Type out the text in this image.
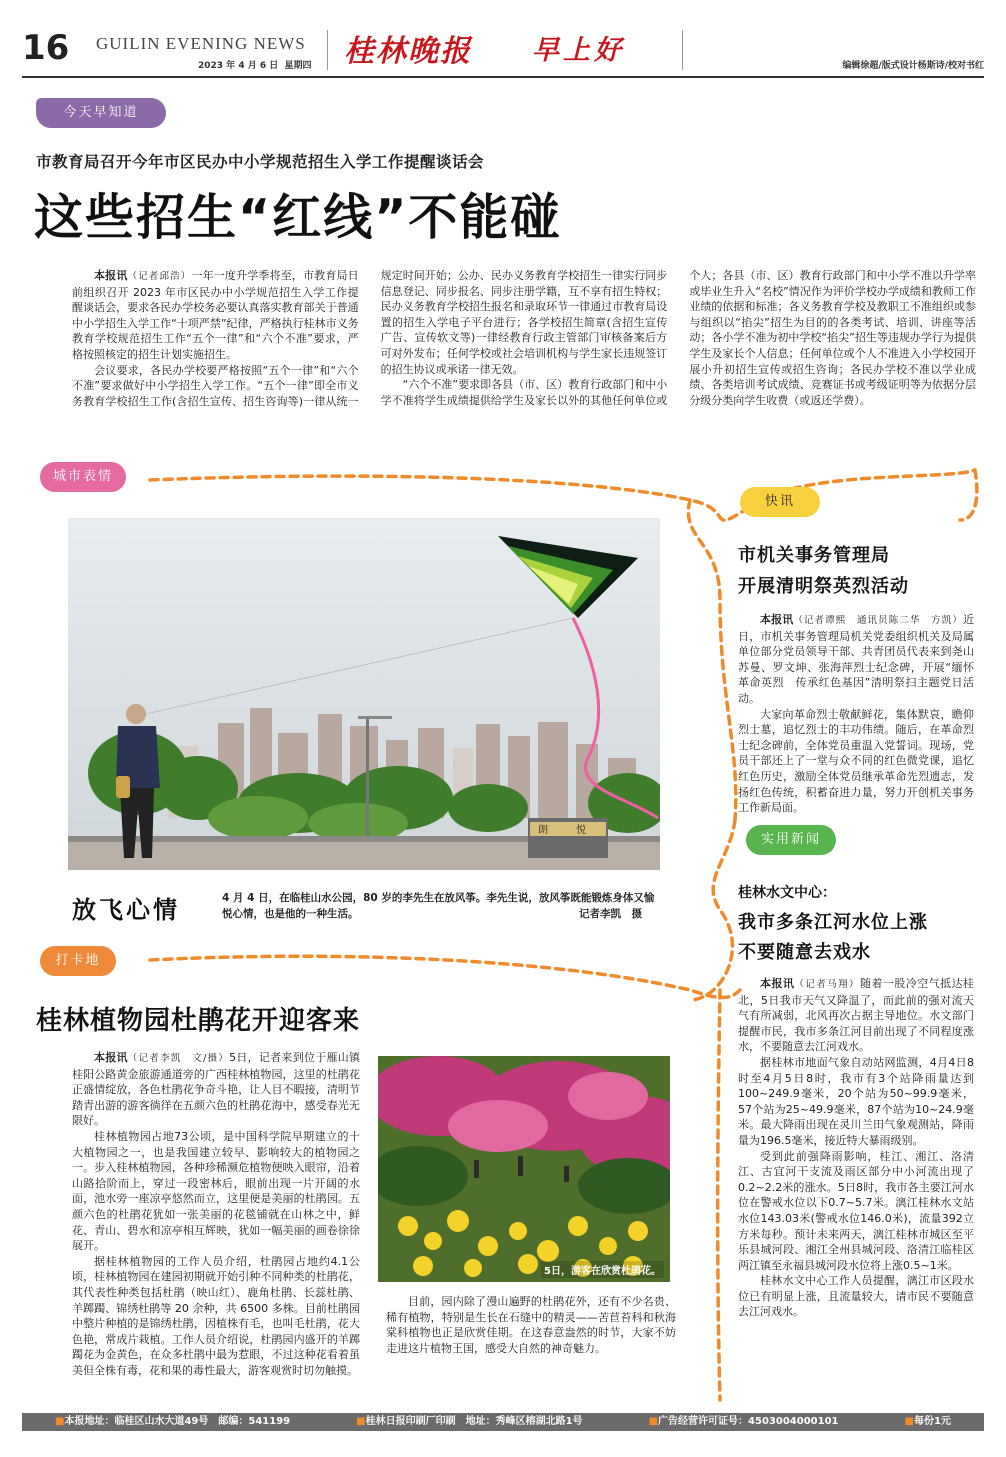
16 GUILIN EVENING NEWS
2023 年 4 月 6 日 星期四 桂林晚报 早上好	编辑徐超/版式设计杨斯诗/校对书红
今天早知道
市教育局召开今年市区民办中小学规范招生入学工作提醒谈话会
这些招生“红线”不能碰

本报讯（记者邱浩）一年一度升学季将至，市教育局日前组织召开 2023 年市区民办中小学规范招生入学工作提醒谈话会，要求各民办学校务必要认真落实教育部关于普通中小学招生入学工作“十项严禁”纪律，严格执行桂林市义务教育学校规范招生工作“五个一律”和“六个不准”要求，严格按照核定的招生计划实施招生。

会议要求，各民办学校要严格按照“五个一律”和“六个不准”要求做好中小学招生入学工作。“五个一律”即全市义务教育学校招生工作(含招生宣传、招生咨询等)一律从统一规定时间开始；公办、民办义务教育学校招生一律实行同步信息登记、同步报名、同步注册学籍，互不享有招生特权；民办义务教育学校招生报名和录取环节一律通过市教育局设置的招生入学电子平台进行；各学校招生简章(含招生宣传广告、宣传软文等)一律经教育行政主管部门审核备案后方可对外发布；任何学校或社会培训机构与学生家长违规签订的招生协议或承诺一律无效。

“六个不准”要求即各县（市、区）教育行政部门和中小学不准将学生成绩提供给学生及家长以外的其他任何单位或个人；各县（市、区）教育行政部门和中小学不准以升学率或毕业生升入“名校”情况作为评价学校办学成绩和教师工作业绩的依据和标准；各义务教育学校及教职工不准组织或参与组织以“掐尖”招生为目的的各类考试、培训、讲座等活动；各小学不准为初中学校“掐尖”招生等违规办学行为提供学生及家长个人信息；任何单位或个人不准进入小学校园开展小升初招生宣传或招生咨询；各民办学校不准以学业成绩、各类培训考试成绩、竞赛证书或考级证明等为依据分层分级分类向学生收费（或返还学费）。

城市表情
朗	悦
放飞心情	4 月 4 日，在临桂山水公园，80 岁的李先生在放风筝。李先生说，放风筝既能锻炼身体又愉悦心情，也是他的一种生活。	记者李凯　摄
快讯
市机关事务管理局
开展清明祭英烈活动

本报讯（记者谭熙　通讯员陈二华　方凯）近日，市机关事务管理局机关党委组织机关及局属单位部分党员领导干部、共青团员代表来到尧山苏曼、罗文坤、张海萍烈士纪念碑，开展“缅怀革命英烈　传承红色基因”清明祭扫主题党日活动。

大家向革命烈士敬献鲜花，集体默哀，瞻仰烈士墓，追忆烈士的丰功伟绩。随后，在革命烈士纪念碑前，全体党员重温入党誓词。现场，党员干部还上了一堂与众不同的红色微党课，追忆红色历史，激励全体党员继承革命先烈遗志，发扬红色传统，积蓄奋进力量，努力开创机关事务工作新局面。

实用新闻
桂林水文中心：
我市多条江河水位上涨
不要随意去戏水

本报讯（记者马翔）随着一股冷空气抵达桂北，5日我市天气又降温了，而此前的强对流天气有所减弱，北风再次占据主导地位。水文部门提醒市民，我市多条江河目前出现了不同程度涨水，不要随意去江河戏水。

据桂林市地面气象自动站网监测，4月4日8时至4月5日8时，我市有3个站降雨量达到100~249.9毫米，20个站为50~99.9毫米，57个站为25~49.9毫米，87个站为10~24.9毫米。最大降雨出现在灵川兰田气象观测站，降雨量为196.5毫米，接近特大暴雨级别。

受到此前强降雨影响，桂江、湘江、洛清江、古宜河干支流及雨区部分中小河流出现了0.2~2.2米的涨水。5日8时，我市各主要江河水位在警戒水位以下0.7~5.7米。漓江桂林水文站水位143.03米(警戒水位146.0米)，流量392立方米每秒。预计未来两天，漓江桂林市城区至平乐县城河段、湘江全州县城河段、洛清江临桂区两江镇至永福县城河段水位将上涨0.5~1米。

桂林水文中心工作人员提醒，漓江市区段水位已有明显上涨，且流量较大，请市民不要随意去江河戏水。

打卡地
桂林植物园杜鹃花开迎客来

本报讯（记者李凯　文/摄）5日，记者来到位于雁山镇桂阳公路黄金旅游通道旁的广西桂林植物园，这里的杜鹃花正盛情绽放，各色杜鹃花争奇斗艳，让人目不暇接，清明节踏青出游的游客徜徉在五颜六色的杜鹃花海中，感受春光无限好。

桂林植物园占地73公顷，是中国科学院早期建立的十大植物园之一，也是我国建立较早、影响较大的植物园之一。步入桂林植物园，各种珍稀濒危植物便映入眼帘，沿着山路拾阶而上，穿过一段密林后，眼前出现一片开阔的水面，池水旁一座凉亭悠然而立，这里便是美丽的杜鹃园。五颜六色的杜鹃花犹如一张美丽的花毯铺就在山林之中，鲜花、青山、碧水和凉亭相互辉映，犹如一幅美丽的画卷徐徐展开。

据桂林植物园的工作人员介绍，杜鹃园占地约4.1公顷，桂林植物园在建园初期就开始引种不同种类的杜鹃花，其代表性种类包括杜鹃（映山红）、鹿角杜鹃、长蕊杜鹃、羊踯躅、锦绣杜鹃等 20 余种，共 6500 多株。目前杜鹃园中整片种植的是锦绣杜鹃，因植株有毛，也叫毛杜鹃，花大色艳，常成片栽植。工作人员介绍说，杜鹃园内盛开的羊踯躅花为金黄色，在众多杜鹃中最为惹眼，不过这种花看着虽美但全株有毒，花和果的毒性最大，游客观赏时切勿触摸。

5日，游客在欣赏杜鹃花。

目前，园内除了漫山遍野的杜鹃花外，还有不少名贵、稀有植物，特别是生长在石缝中的精灵——苦苣苔科和秋海棠科植物也正是欣赏佳期。在这春意盎然的时节，大家不妨走进这片植物王国，感受大自然的神奇魅力。

■本报地址：临桂区山水大道49号　邮编：541199	■桂林日报印刷厂印刷　地址：秀峰区榕湖北路1号	■广告经营许可证号：4503004000101	■每份1元
